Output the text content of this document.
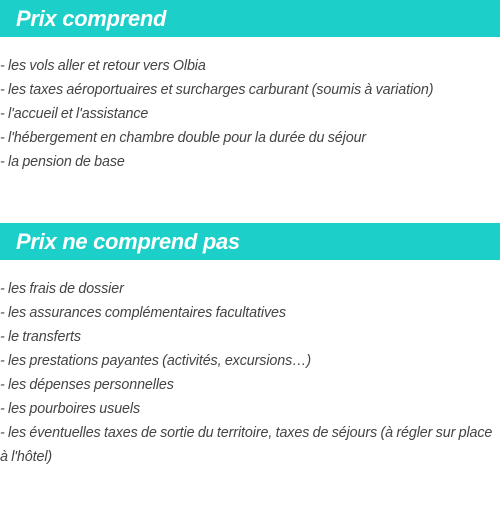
Prix comprend
- les vols aller et retour vers Olbia
- les taxes aéroportuaires et surcharges carburant (soumis à variation)
- l'accueil et l'assistance
- l'hébergement en chambre double pour la durée du séjour
- la pension de base
Prix ne comprend pas
- les frais de dossier
- les assurances complémentaires facultatives
- le transferts
- les prestations payantes (activités, excursions…)
- les dépenses personnelles
- les pourboires usuels
- les éventuelles taxes de sortie du territoire, taxes de séjours (à régler sur place à l'hôtel)
